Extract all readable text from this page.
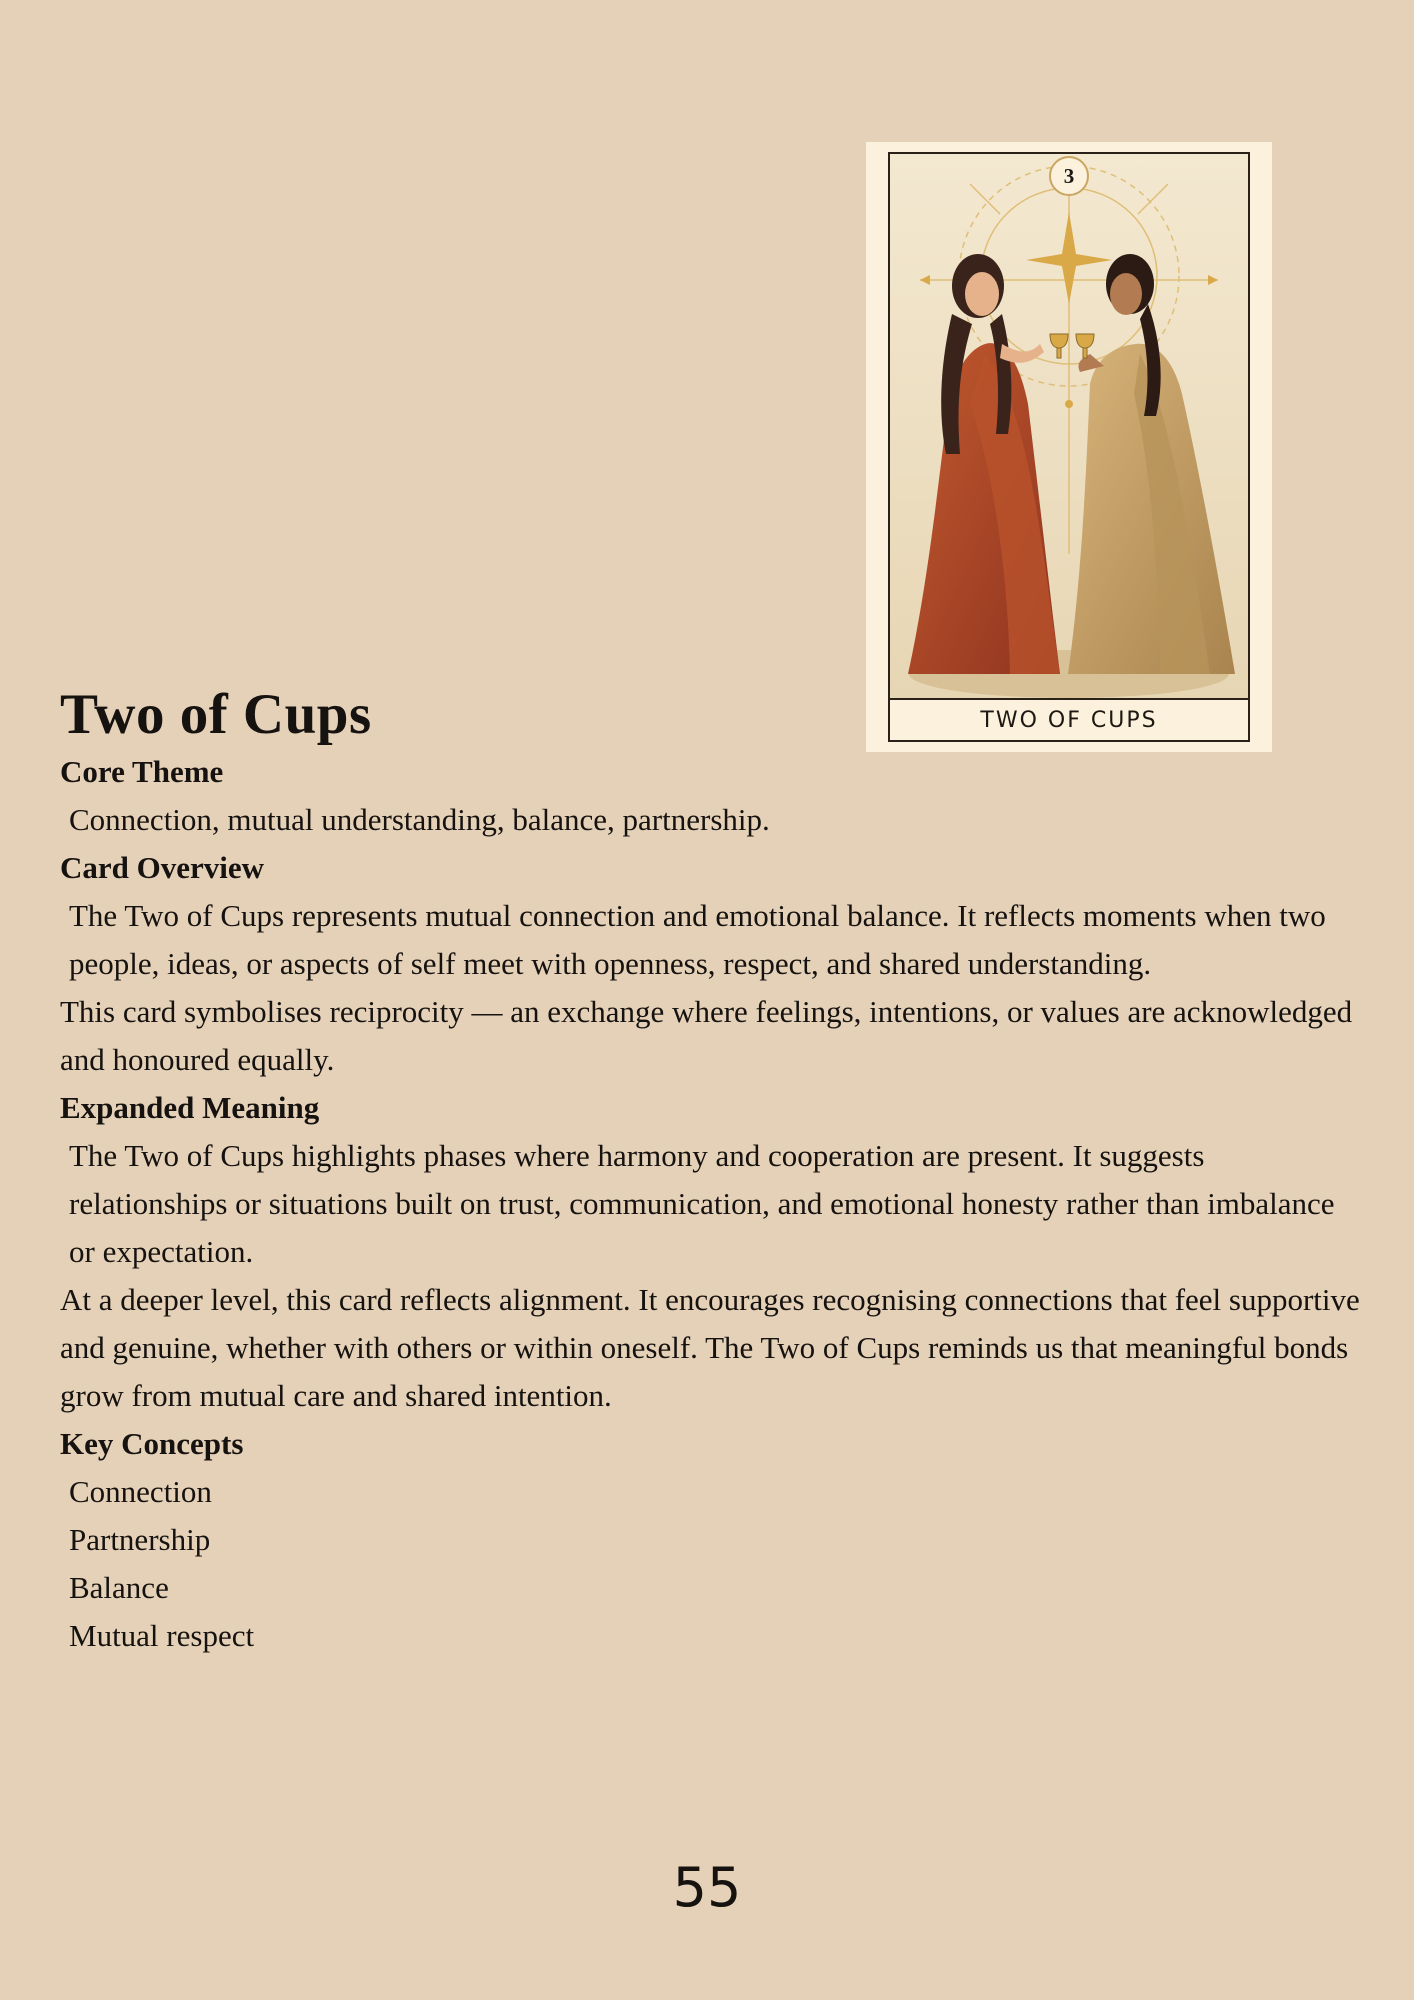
3
TWO OF CUPS
Two of Cups
Core Theme
Connection, mutual understanding, balance, partnership.
Card Overview
The Two of Cups represents mutual connection and emotional balance. It reflects moments when two people, ideas, or aspects of self meet with openness, respect, and shared understanding.
This card symbolises reciprocity — an exchange where feelings, intentions, or values are acknowledged and honoured equally.
Expanded Meaning
The Two of Cups highlights phases where harmony and cooperation are present. It suggests relationships or situations built on trust, communication, and emotional honesty rather than imbalance or expectation.
At a deeper level, this card reflects alignment. It encourages recognising connections that feel supportive and genuine, whether with others or within oneself. The Two of Cups reminds us that meaningful bonds grow from mutual care and shared intention.
Key Concepts
Connection
Partnership
Balance
Mutual respect
55
